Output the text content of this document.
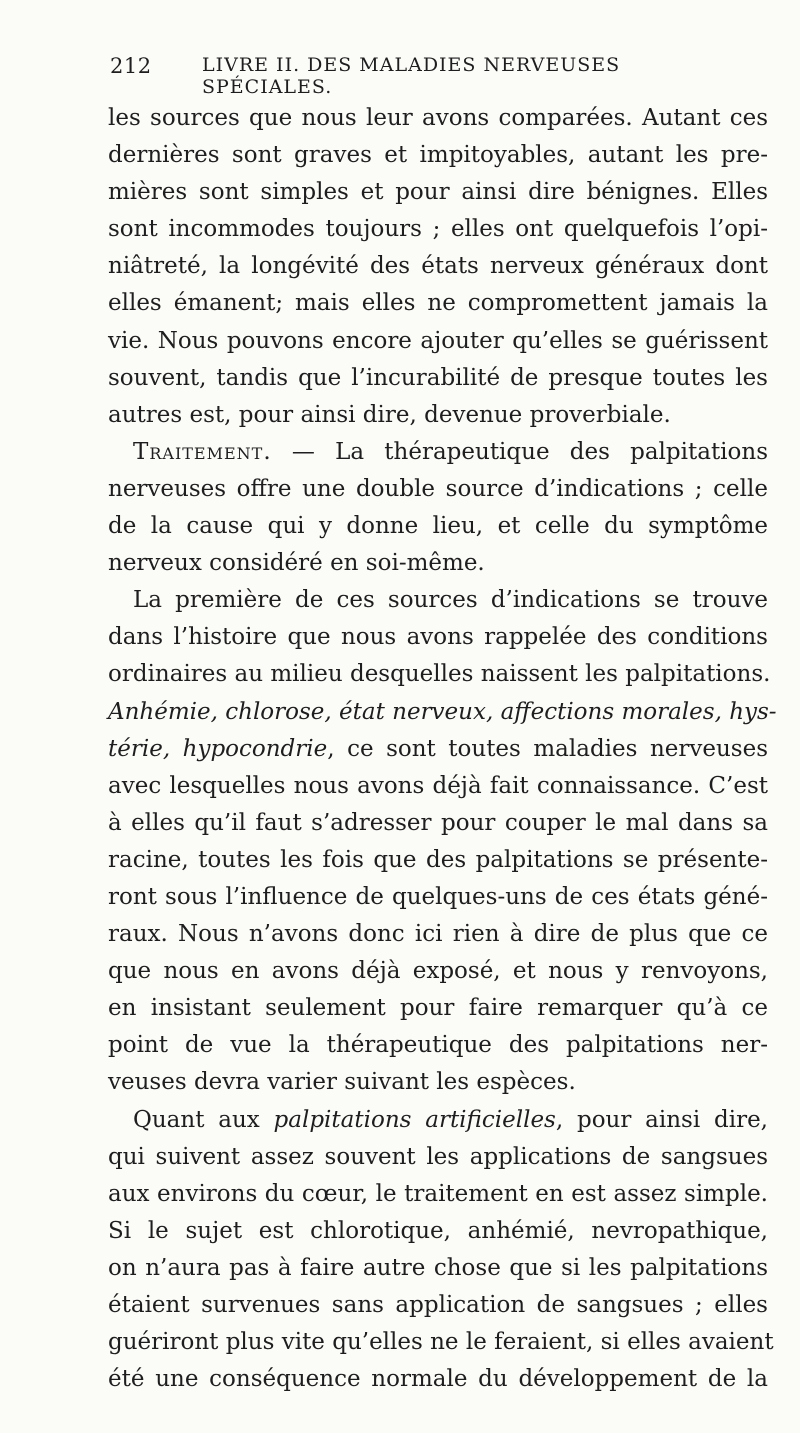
212	LIVRE II. DES MALADIES NERVEUSES SPÉCIALES.
les sources que nous leur avons comparées. Autant ces
dernières sont graves et impitoyables, autant les pre-
mières sont simples et pour ainsi dire bénignes. Elles
sont incommodes toujours ; elles ont quelquefois l’opi-
niâtreté, la longévité des états nerveux généraux dont
elles émanent; mais elles ne compromettent jamais la
vie. Nous pouvons encore ajouter qu’elles se guérissent
souvent, tandis que l’incurabilité de presque toutes les
autres est, pour ainsi dire, devenue proverbiale.
Traitement. — La thérapeutique des palpitations
nerveuses offre une double source d’indications ; celle
de la cause qui y donne lieu, et celle du symptôme
nerveux considéré en soi-même.
La première de ces sources d’indications se trouve
dans l’histoire que nous avons rappelée des conditions
ordinaires au milieu desquelles naissent les palpitations.
Anhémie, chlorose, état nerveux, affections morales, hys-
térie, hypocondrie, ce sont toutes maladies nerveuses
avec lesquelles nous avons déjà fait connaissance. C’est
à elles qu’il faut s’adresser pour couper le mal dans sa
racine, toutes les fois que des palpitations se présente-
ront sous l’influence de quelques-uns de ces états géné-
raux. Nous n’avons donc ici rien à dire de plus que ce
que nous en avons déjà exposé, et nous y renvoyons,
en insistant seulement pour faire remarquer qu’à ce
point de vue la thérapeutique des palpitations ner-
veuses devra varier suivant les espèces.
Quant aux palpitations artificielles, pour ainsi dire,
qui suivent assez souvent les applications de sangsues
aux environs du cœur, le traitement en est assez simple.
Si le sujet est chlorotique, anhémié, nevropathique,
on n’aura pas à faire autre chose que si les palpitations
étaient survenues sans application de sangsues ; elles
guériront plus vite qu’elles ne le feraient, si elles avaient
été une conséquence normale du développement de la
